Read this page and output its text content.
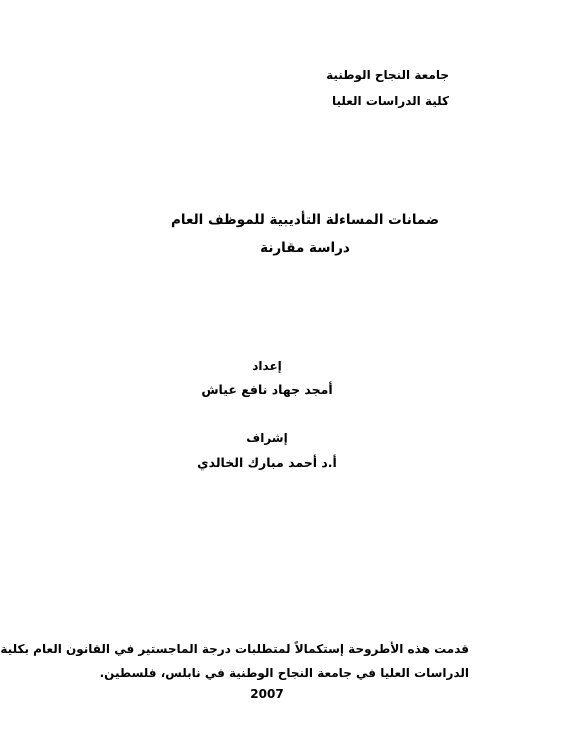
جامعة النجاح الوطنية
كلية الدراسات العليا
ضمانات المساءلة التأديبية للموظف العام
دراسة مقارنة
إعداد
أمجد جهاد نافع عياش
إشراف
أ.د أحمد مبارك الخالدي
قدمت هذه الأطروحة إستكمالاً لمتطلبات درجة الماجستير في القانون العام بكلية
الدراسات العليا في جامعة النجاح الوطنية في نابلس، فلسطين.
2007
